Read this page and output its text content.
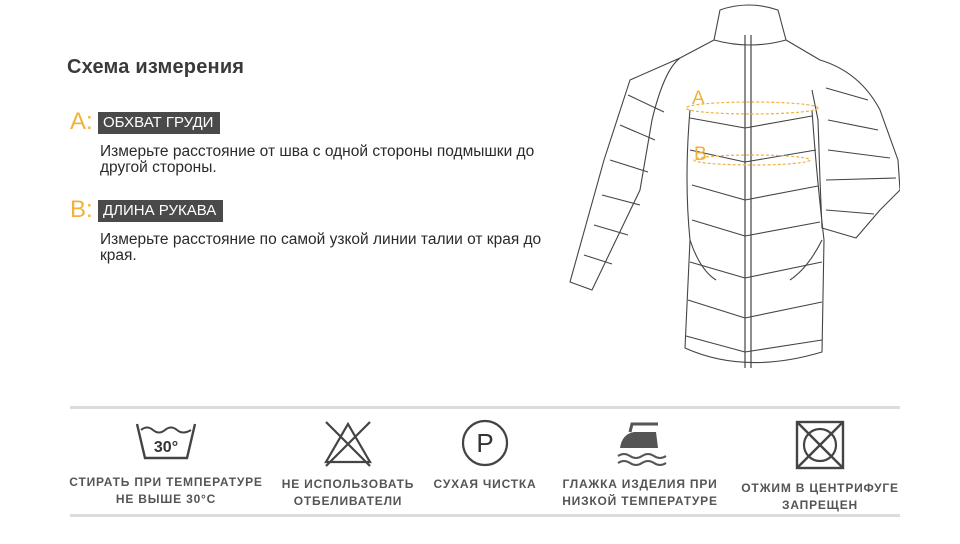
Схема измерения
A: ОБХВАТ ГРУДИ
Измерьте расстояние от шва с одной стороны подмышки до другой стороны.
B: ДЛИНА РУКАВА
Измерьте расстояние по самой узкой линии талии от края до края.
A
B
30°
СТИРАТЬ ПРИ ТЕМПЕРАТУРЕ
НЕ ВЫШЕ 30°С
НЕ ИСПОЛЬЗОВАТЬ
ОТБЕЛИВАТЕЛИ
P
СУХАЯ ЧИСТКА	ГЛАЖКА ИЗДЕЛИЯ ПРИ
НИЗКОЙ ТЕМПЕРАТУРЕ
ОТЖИМ В ЦЕНТРИФУГЕ
ЗАПРЕЩЕН
